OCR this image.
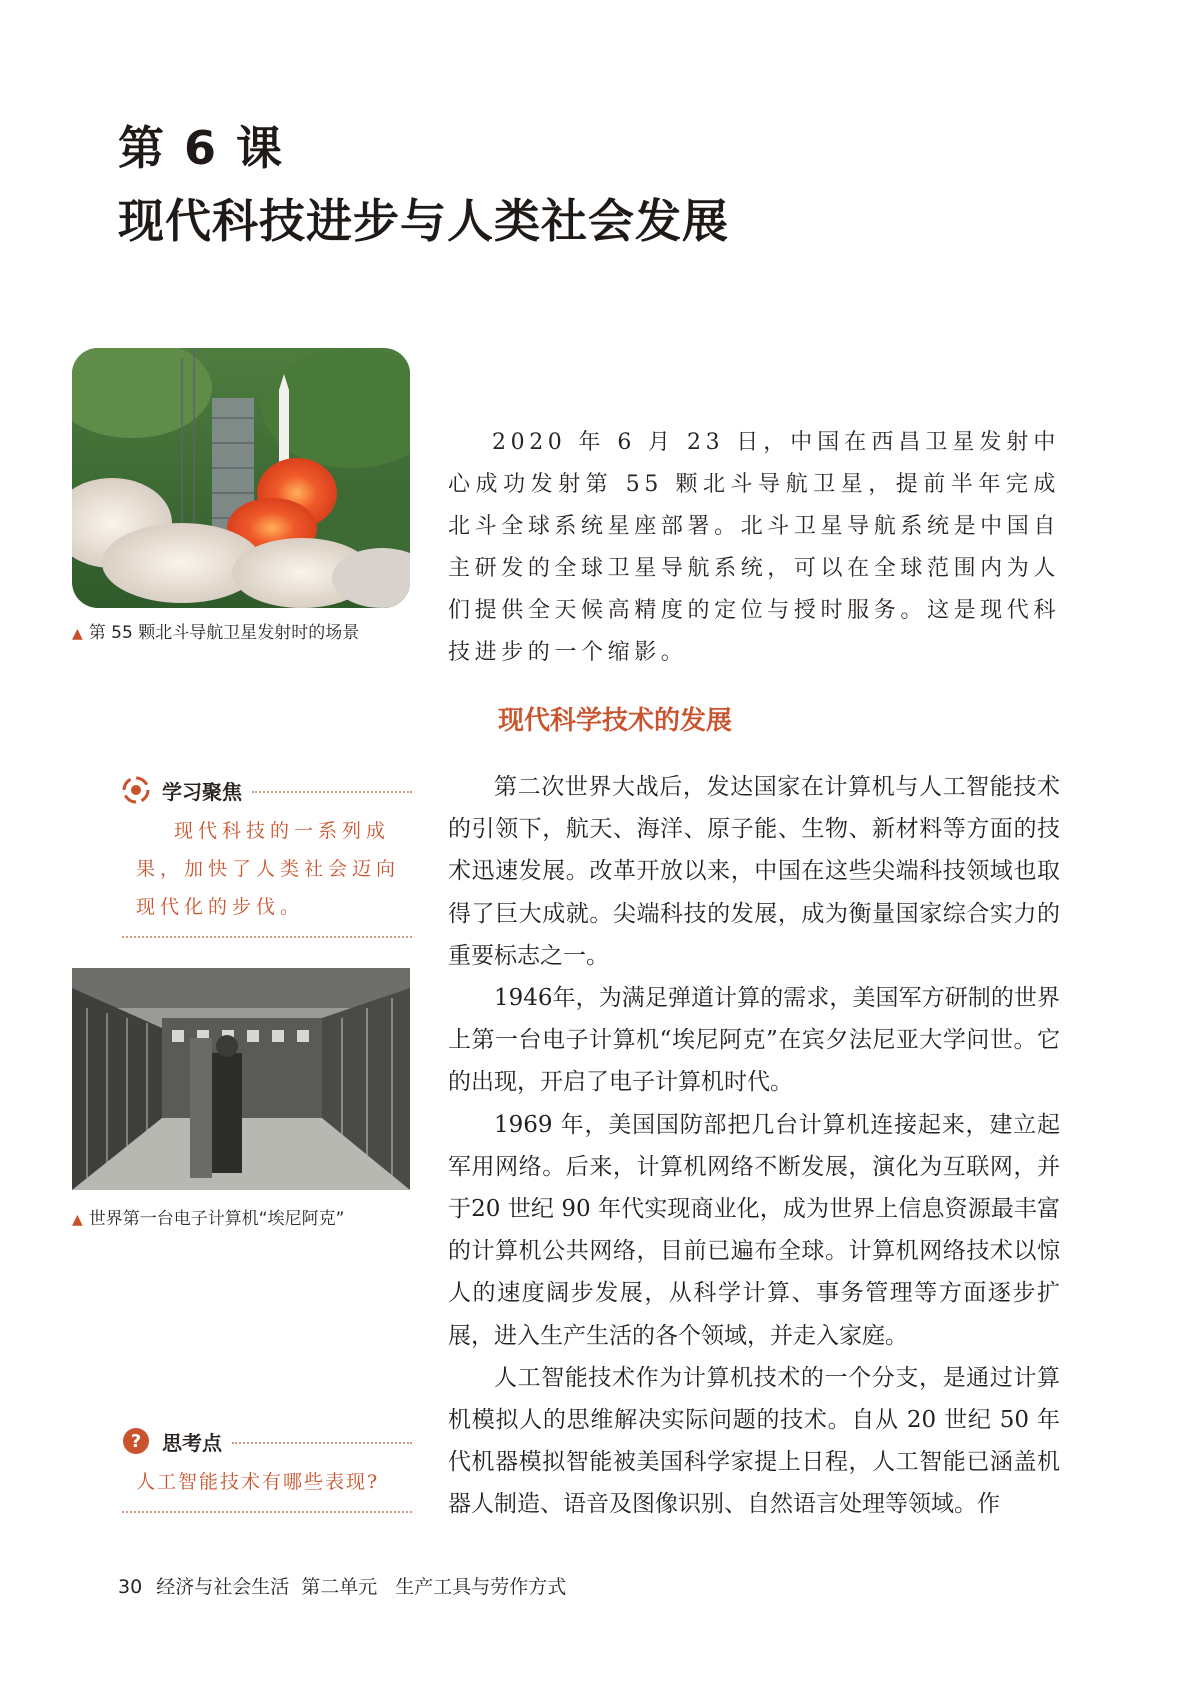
第 6 课
现代科技进步与人类社会发展
▲ 第 55 颗北斗导航卫星发射时的场景

2020 年 6 月 23 日，中国在西昌卫星发射中心成功发射第 55 颗北斗导航卫星，提前半年完成北斗全球系统星座部署。北斗卫星导航系统是中国自主研发的全球卫星导航系统，可以在全球范围内为人们提供全天候高精度的定位与授时服务。这是现代科技进步的一个缩影。

现代科学技术的发展
学习聚焦
现代科技的一系列成果，加快了人类社会迈向现代化的步伐。
▲ 世界第一台电子计算机“埃尼阿克”

第二次世界大战后，发达国家在计算机与人工智能技术的引领下，航天、海洋、原子能、生物、新材料等方面的技术迅速发展。改革开放以来，中国在这些尖端科技领域也取得了巨大成就。尖端科技的发展，成为衡量国家综合实力的重要标志之一。

1946年，为满足弹道计算的需求，美国军方研制的世界上第一台电子计算机“埃尼阿克”在宾夕法尼亚大学问世。它的出现，开启了电子计算机时代。

1969 年，美国国防部把几台计算机连接起来，建立起军用网络。后来，计算机网络不断发展，演化为互联网，并于20 世纪 90 年代实现商业化，成为世界上信息资源最丰富的计算机公共网络，目前已遍布全球。计算机网络技术以惊人的速度阔步发展，从科学计算、事务管理等方面逐步扩展，进入生产生活的各个领域，并走入家庭。

人工智能技术作为计算机技术的一个分支，是通过计算机模拟人的思维解决实际问题的技术。自从 20 世纪 50 年代机器模拟智能被美国科学家提上日程，人工智能已涵盖机器人制造、语音及图像识别、自然语言处理等领域。作

? 思考点
人工智能技术有哪些表现?
30 经济与社会生活 第二单元 生产工具与劳作方式
